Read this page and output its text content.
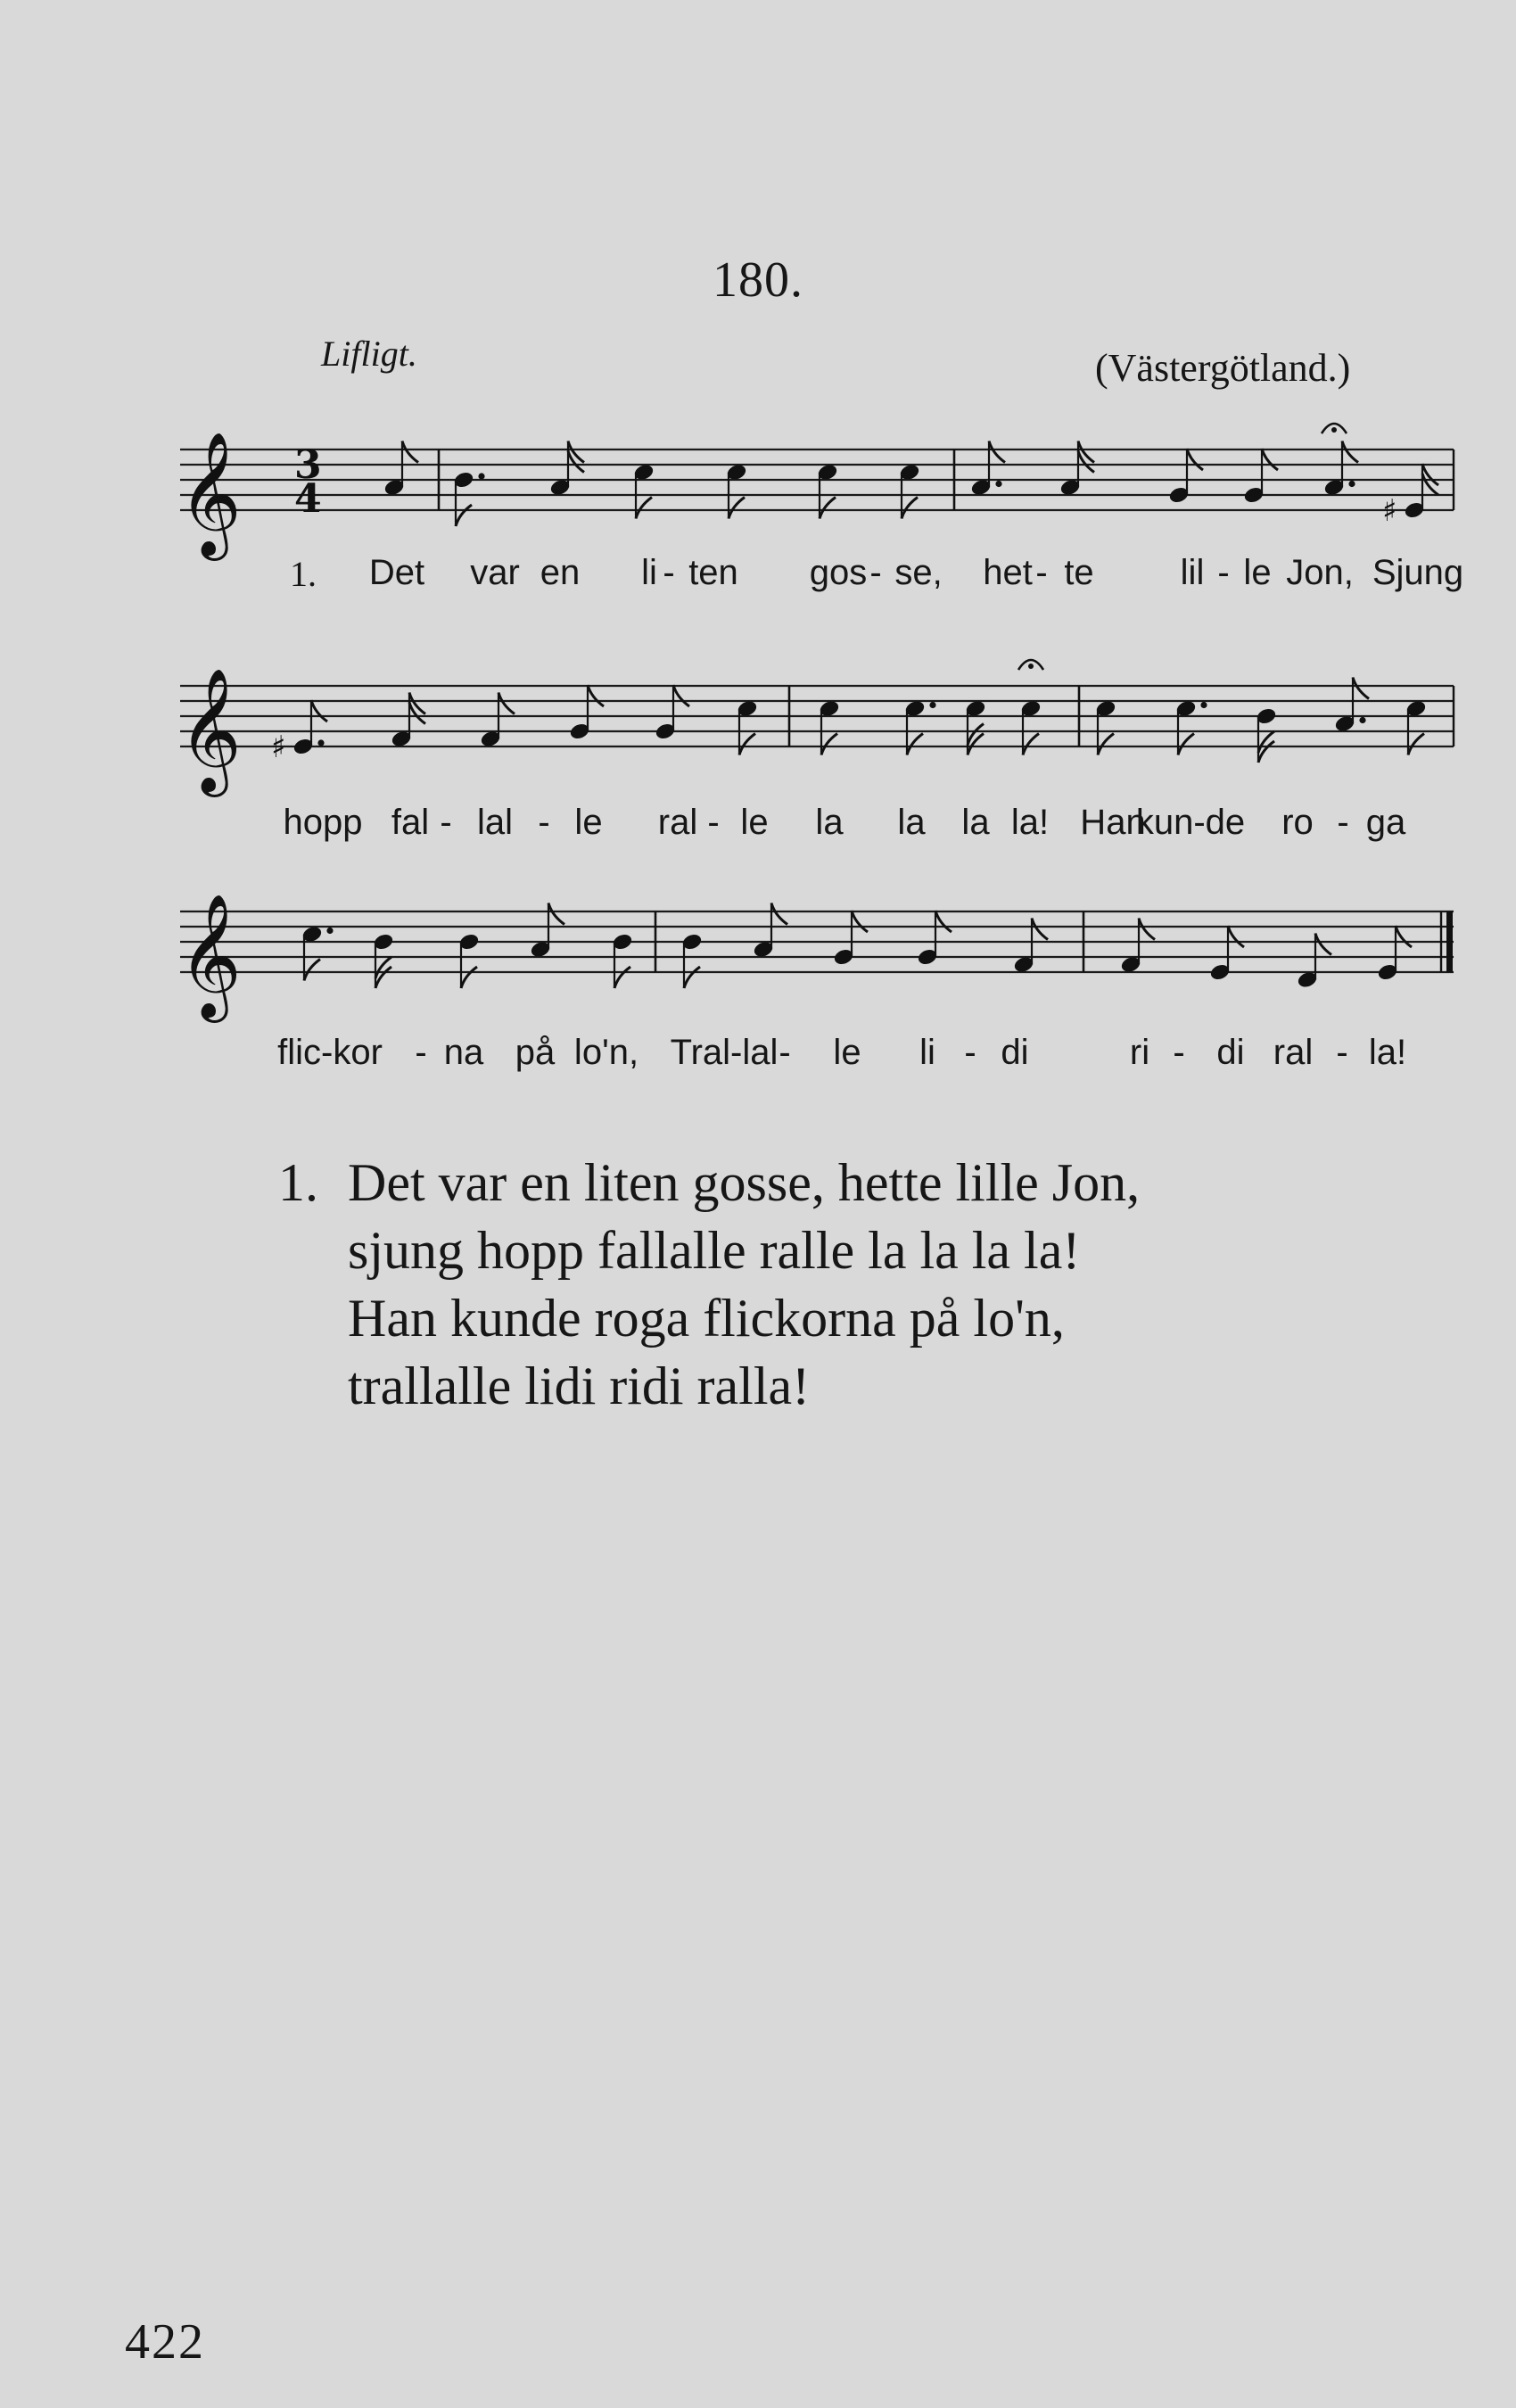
180.
Lifligt.	(Västergötland.)
𝄞 3
4	♯
1. Det var en li - ten gos - se, het - te lil - le Jon, Sjung
𝄞 ♯
hopp fal - lal - le ral - le la la la la! Han
kun-de ro - ga
𝄞
flic-kor - na på lo'n, Tral-lal - le li - di	ri - di ral - la!
1. Det var en liten gosse, hette lille Jon,
sjung hopp fallalle ralle la la la la!
Han kunde roga flickorna på lo'n,
trallalle lidi ridi ralla!
422
